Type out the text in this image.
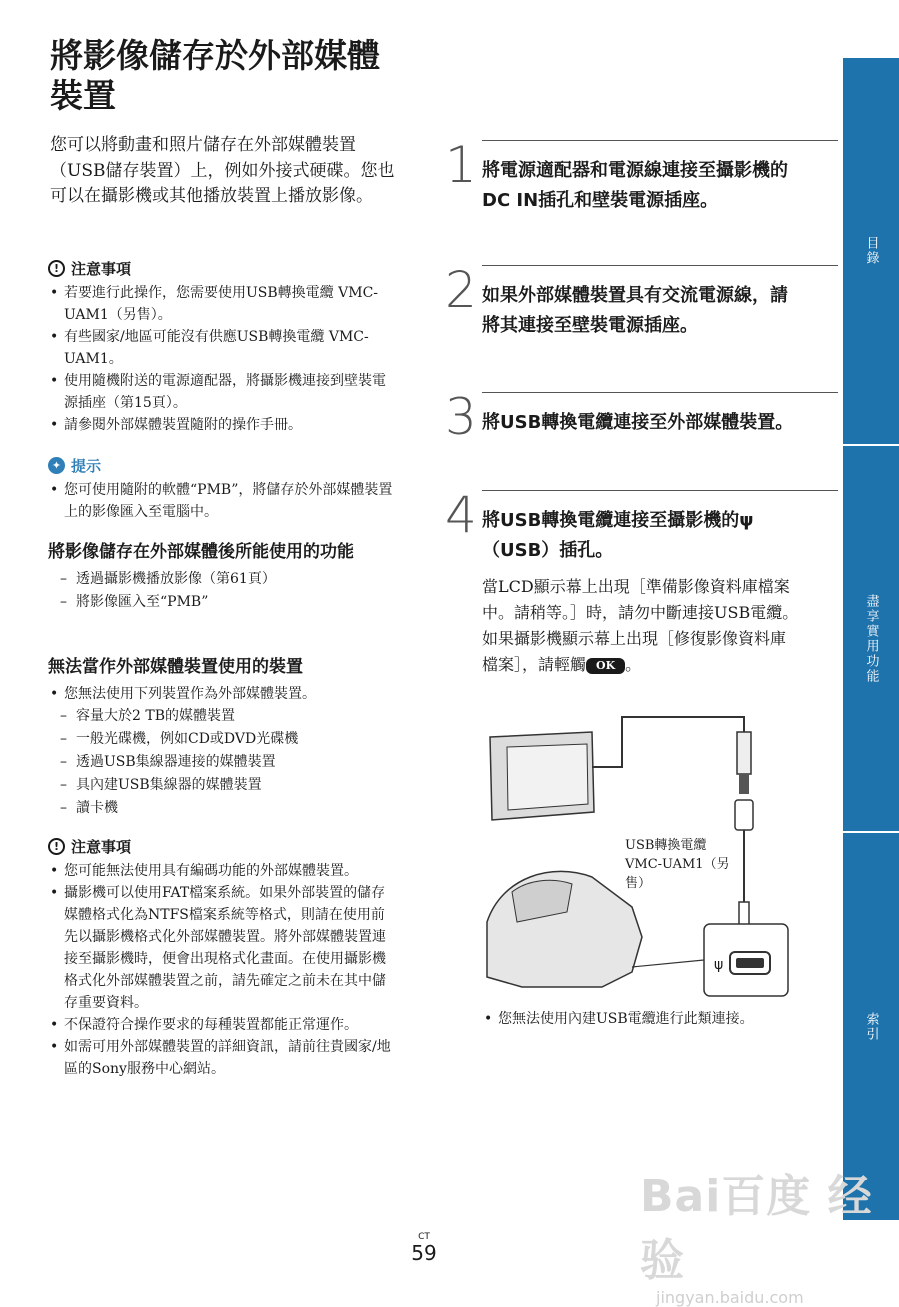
將影像儲存於外部媒體裝置

您可以將動畫和照片儲存在外部媒體裝置（USB儲存裝置）上，例如外接式硬碟。您也可以在攝影機或其他播放裝置上播放影像。

! 注意事項
• 若要進行此操作，您需要使用USB轉換電纜 VMC-UAM1（另售）。
• 有些國家/地區可能沒有供應USB轉換電纜 VMC-UAM1。
• 使用隨機附送的電源適配器，將攝影機連接到壁裝電源插座（第15頁）。
• 請參閱外部媒體裝置隨附的操作手冊。
✦ 提示
• 您可使用隨附的軟體“PMB”，將儲存於外部媒體裝置上的影像匯入至電腦中。
將影像儲存在外部媒體後所能使用的功能
– 透過攝影機播放影像（第61頁）
– 將影像匯入至“PMB”
無法當作外部媒體裝置使用的裝置
• 您無法使用下列裝置作為外部媒體裝置。
– 容量大於2 TB的媒體裝置
– 一般光碟機，例如CD或DVD光碟機
– 透過USB集線器連接的媒體裝置
– 具內建USB集線器的媒體裝置
– 讀卡機
! 注意事項
• 您可能無法使用具有編碼功能的外部媒體裝置。
• 攝影機可以使用FAT檔案系統。如果外部裝置的儲存媒體格式化為NTFS檔案系統等格式，則請在使用前先以攝影機格式化外部媒體裝置。將外部媒體裝置連接至攝影機時，便會出現格式化畫面。在使用攝影機格式化外部媒體裝置之前，請先確定之前未在其中儲存重要資料。
• 不保證符合操作要求的每種裝置都能正常運作。
• 如需可用外部媒體裝置的詳細資訊，請前往貴國家/地區的Sony服務中心網站。
1 將電源適配器和電源線連接至攝影機的DC IN插孔和壁裝電源插座。
2 如果外部媒體裝置具有交流電源線，請將其連接至壁裝電源插座。
3 將USB轉換電纜連接至外部媒體裝置。
4 將USB轉換電纜連接至攝影機的ψ（USB）插孔。
當LCD顯示幕上出現［準備影像資料庫檔案中。請稍等。］時，請勿中斷連接USB電纜。如果攝影機顯示幕上出現［修復影像資料庫檔案］，請輕觸 OK 。
USB轉換電纜
VMC-UAM1（另
售）
ψ
• 您無法使用內建USB電纜進行此類連接。
目錄
盡享實用功能
索引
CT
59
Bai百度 经验
jingyan.baidu.com
